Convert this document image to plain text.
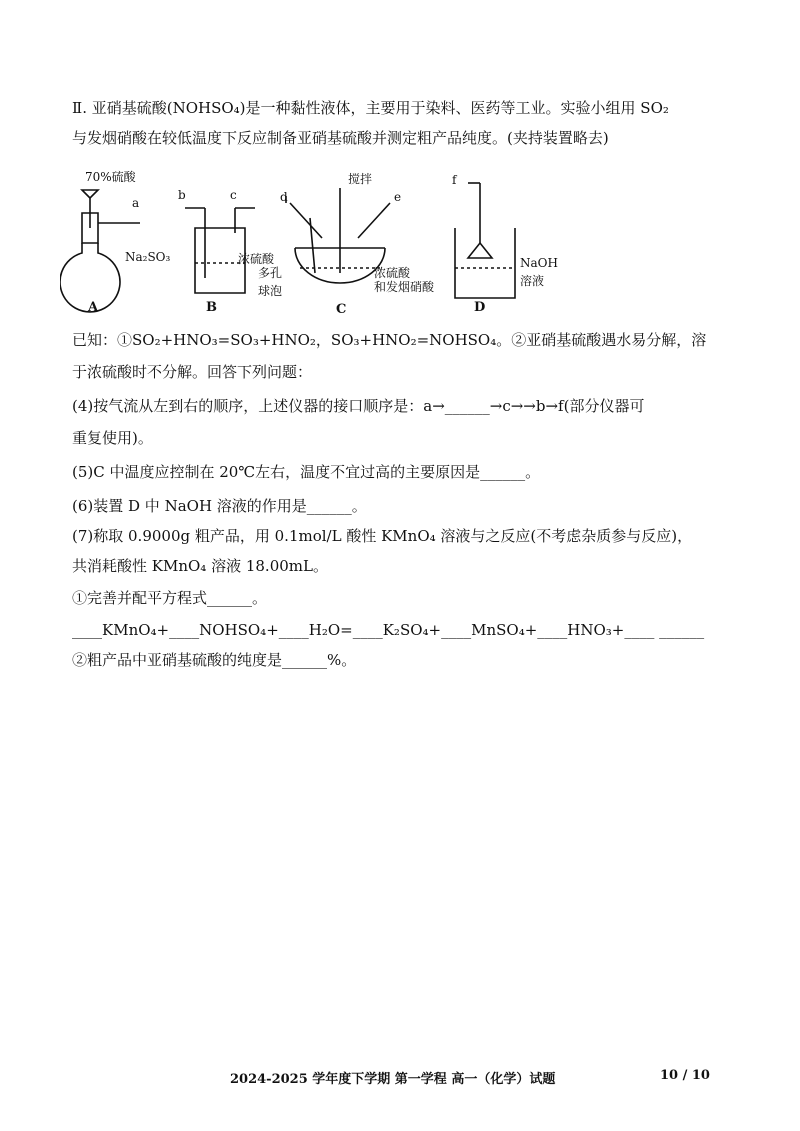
Ⅱ. 亚硝基硫酸(NOHSO₄)是一种黏性液体，主要用于染料、医药等工业。实验小组用 SO₂
与发烟硝酸在较低温度下反应制备亚硝基硫酸并测定粗产品纯度。(夹持装置略去)
70%硫酸
a
Na₂SO₃
A
b	c
浓硫酸
B
d	e
搅拌
多孔
球泡
浓硫酸
和发烟硝酸
C
f
NaOH
溶液
D
已知：①SO₂+HNO₃=SO₃+HNO₂，SO₃+HNO₂=NOHSO₄。②亚硝基硫酸遇水易分解，溶
于浓硫酸时不分解。回答下列问题：
(4)按气流从左到右的顺序，上述仪器的接口顺序是：a→______→c→→b→f(部分仪器可
重复使用)。
(5)C 中温度应控制在 20℃左右，温度不宜过高的主要原因是______。
(6)装置 D 中 NaOH 溶液的作用是______。
(7)称取 0.9000g 粗产品，用 0.1mol/L 酸性 KMnO₄ 溶液与之反应(不考虑杂质参与反应)，
共消耗酸性 KMnO₄ 溶液 18.00mL。
①完善并配平方程式______。
____KMnO₄+____NOHSO₄+____H₂O=____K₂SO₄+____MnSO₄+____HNO₃+____ ______
②粗产品中亚硝基硫酸的纯度是______%。
2024-2025 学年度下学期 第一学程 高一（化学）试题	10 / 10
